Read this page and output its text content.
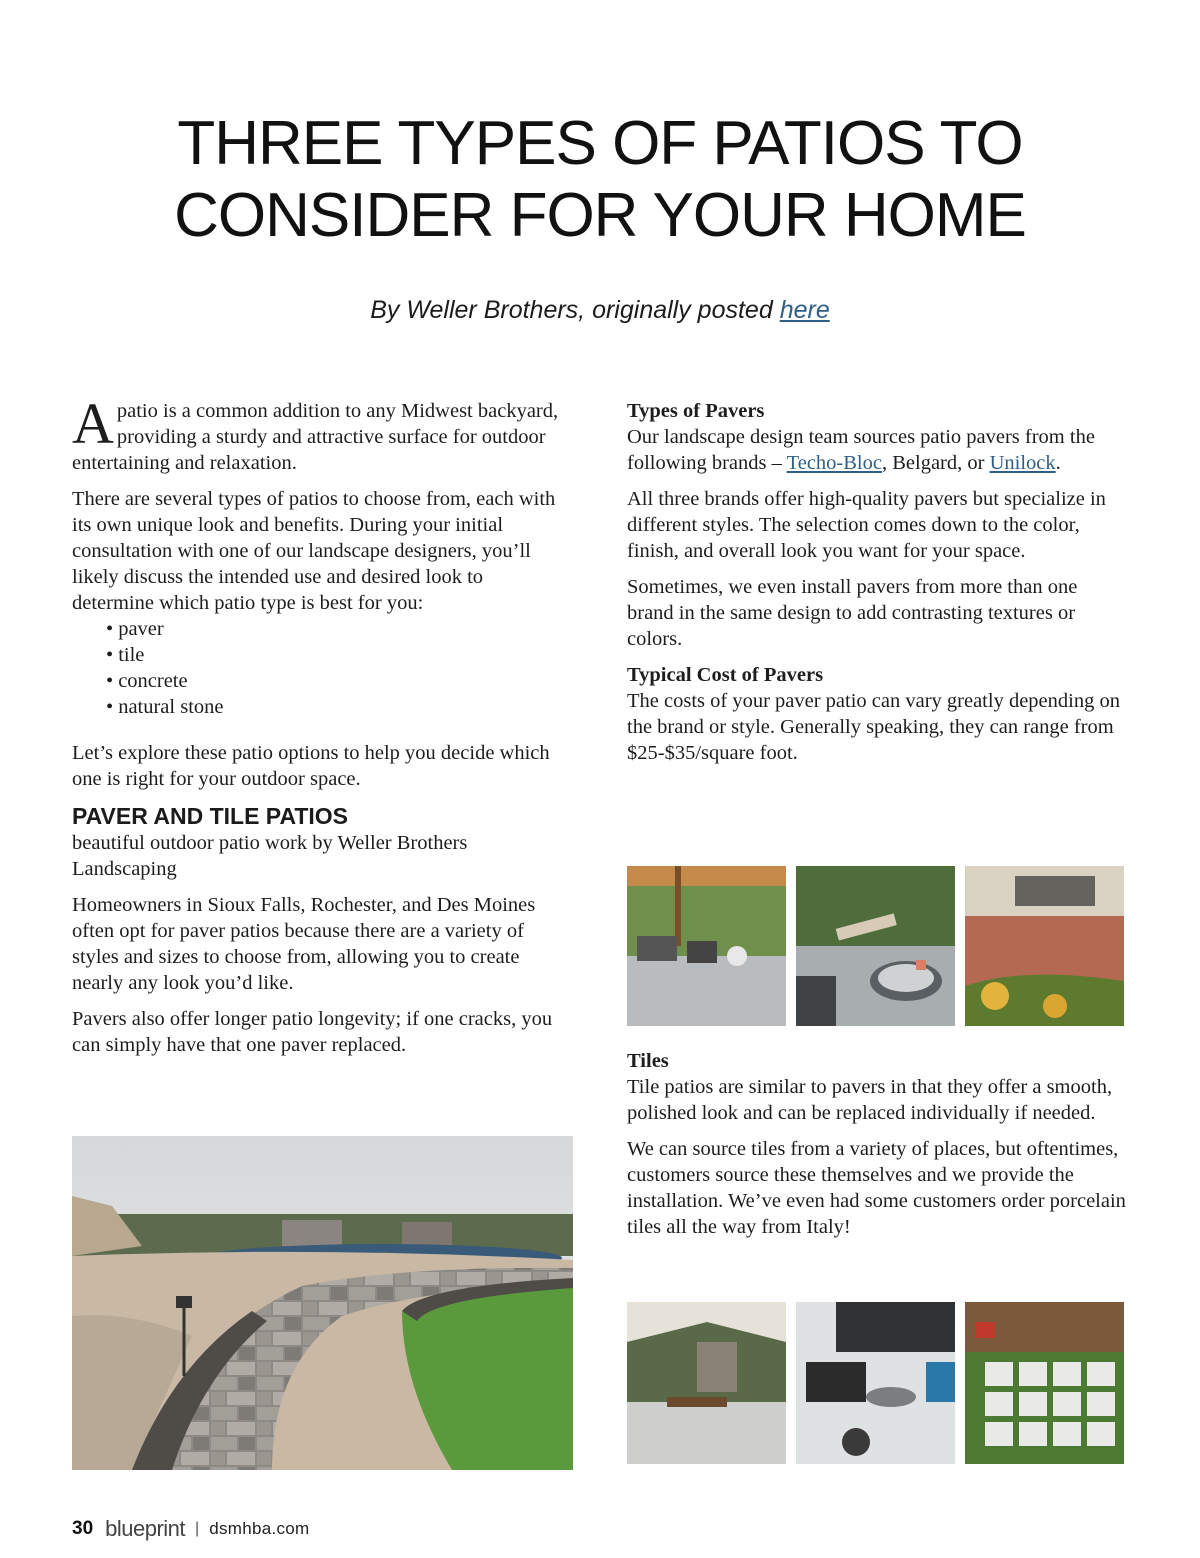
THREE TYPES OF PATIOS TO
CONSIDER FOR YOUR HOME
By Weller Brothers, originally posted here

Apatio is a common addition to any Midwest backyard, providing a sturdy and attractive surface for outdoor entertaining and relaxation.

There are several types of patios to choose from, each with its own unique look and benefits. During your initial consultation with one of our landscape designers, you’ll likely discuss the intended use and desired look to determine which patio type is best for you:

• paver
• tile
• concrete
• natural stone

Let’s explore these patio options to help you decide which one is right for your outdoor space.

PAVER AND TILE PATIOS

beautiful outdoor patio work by Weller Brothers Landscaping

Homeowners in Sioux Falls, Rochester, and Des Moines often opt for paver patios because there are a variety of styles and sizes to choose from, allowing you to create nearly any look you’d like.

Pavers also offer longer patio longevity; if one cracks, you can simply have that one paver replaced.

Types of Pavers

Our landscape design team sources patio pavers from the following brands – Techo-Bloc, Belgard, or Unilock.

All three brands offer high-quality pavers but specialize in different styles. The selection comes down to the color, finish, and overall look you want for your space.

Sometimes, we even install pavers from more than one brand in the same design to add contrasting textures or colors.

Typical Cost of Pavers

The costs of your paver patio can vary greatly depending on the brand or style. Generally speaking, they can range from $25-$35/square foot.

Tiles

Tile patios are similar to pavers in that they offer a smooth, polished look and can be replaced individually if needed.

We can source tiles from a variety of places, but oftentimes, customers source these themselves and we provide the installation. We’ve even had some customers order porcelain tiles all the way from Italy!

30 blueprint | dsmhba.com
